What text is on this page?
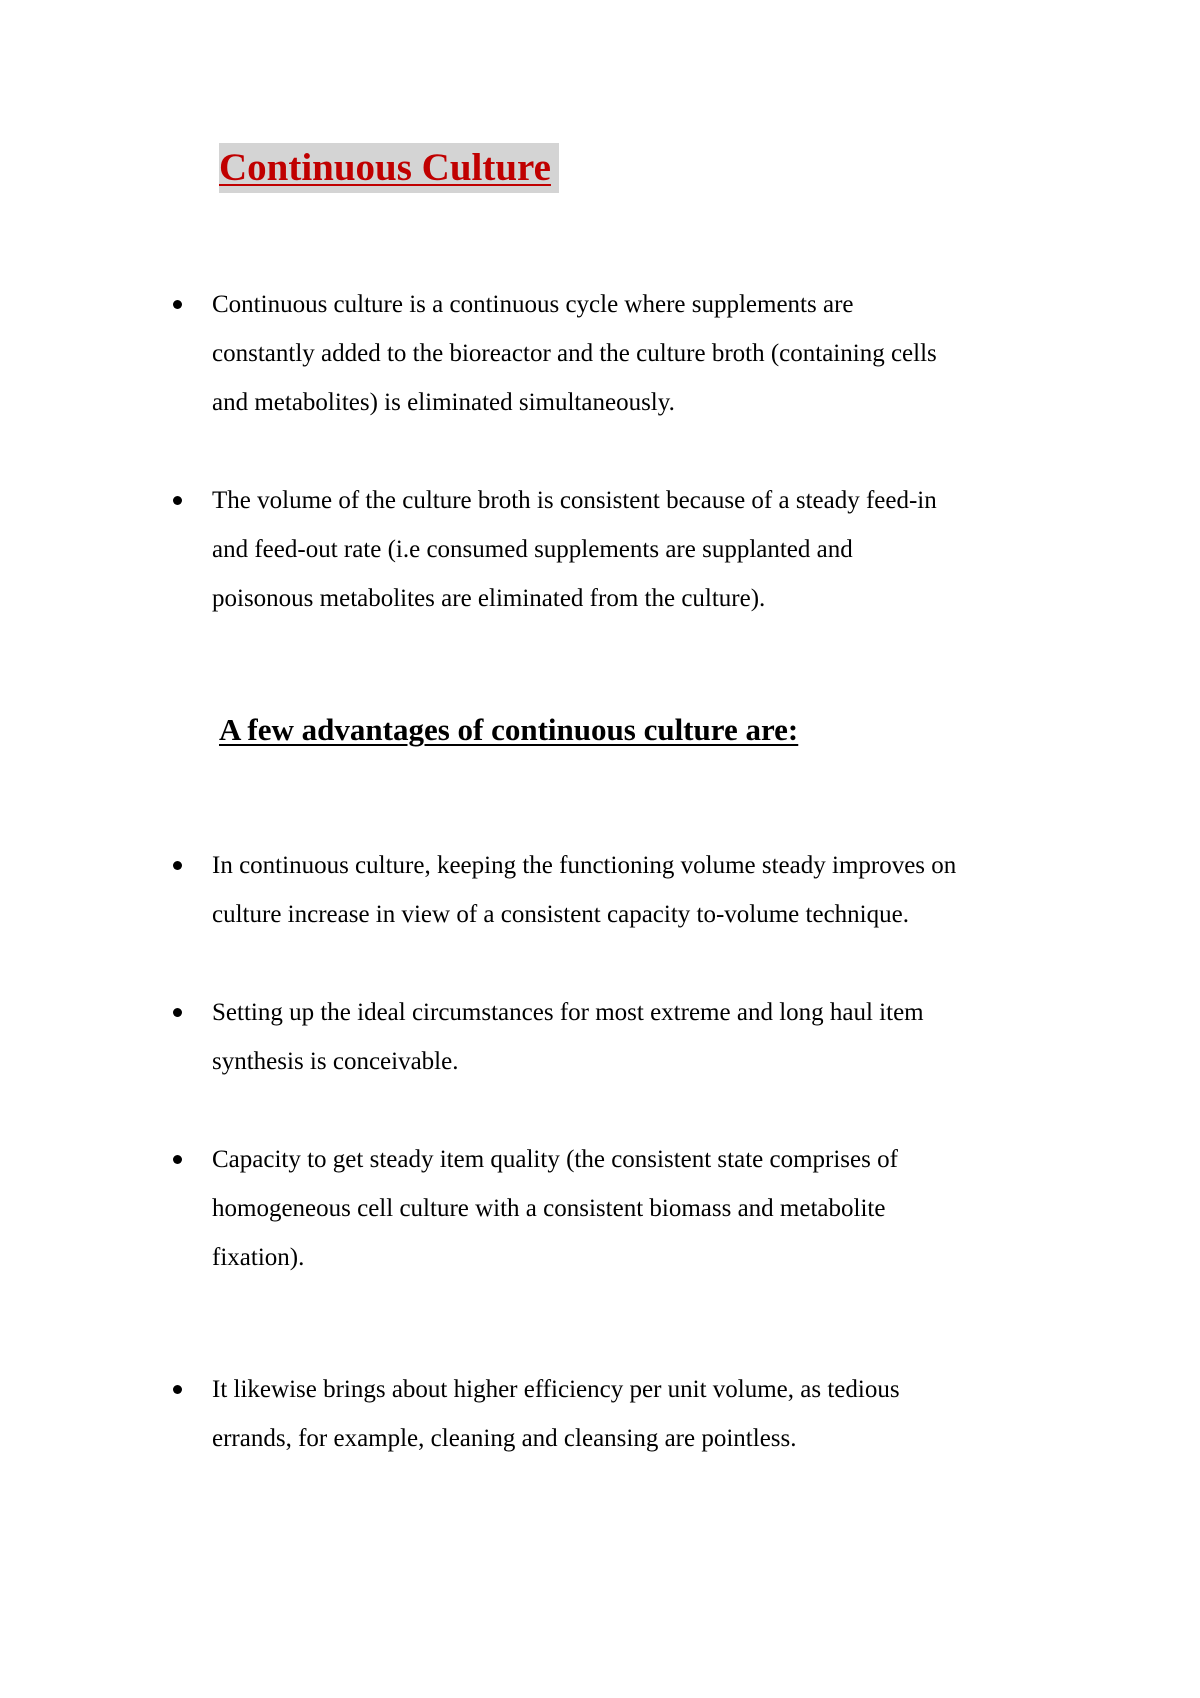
Continuous Culture
Continuous culture is a continuous cycle where supplements are
constantly added to the bioreactor and the culture broth (containing cells
and metabolites) is eliminated simultaneously.
The volume of the culture broth is consistent because of a steady feed-in
and feed-out rate (i.e consumed supplements are supplanted and
poisonous metabolites are eliminated from the culture).
A few advantages of continuous culture are:
In continuous culture, keeping the functioning volume steady improves on
culture increase in view of a consistent capacity to-volume technique.
Setting up the ideal circumstances for most extreme and long haul item
synthesis is conceivable.
Capacity to get steady item quality (the consistent state comprises of
homogeneous cell culture with a consistent biomass and metabolite
fixation).
It likewise brings about higher efficiency per unit volume, as tedious
errands, for example, cleaning and cleansing are pointless.
